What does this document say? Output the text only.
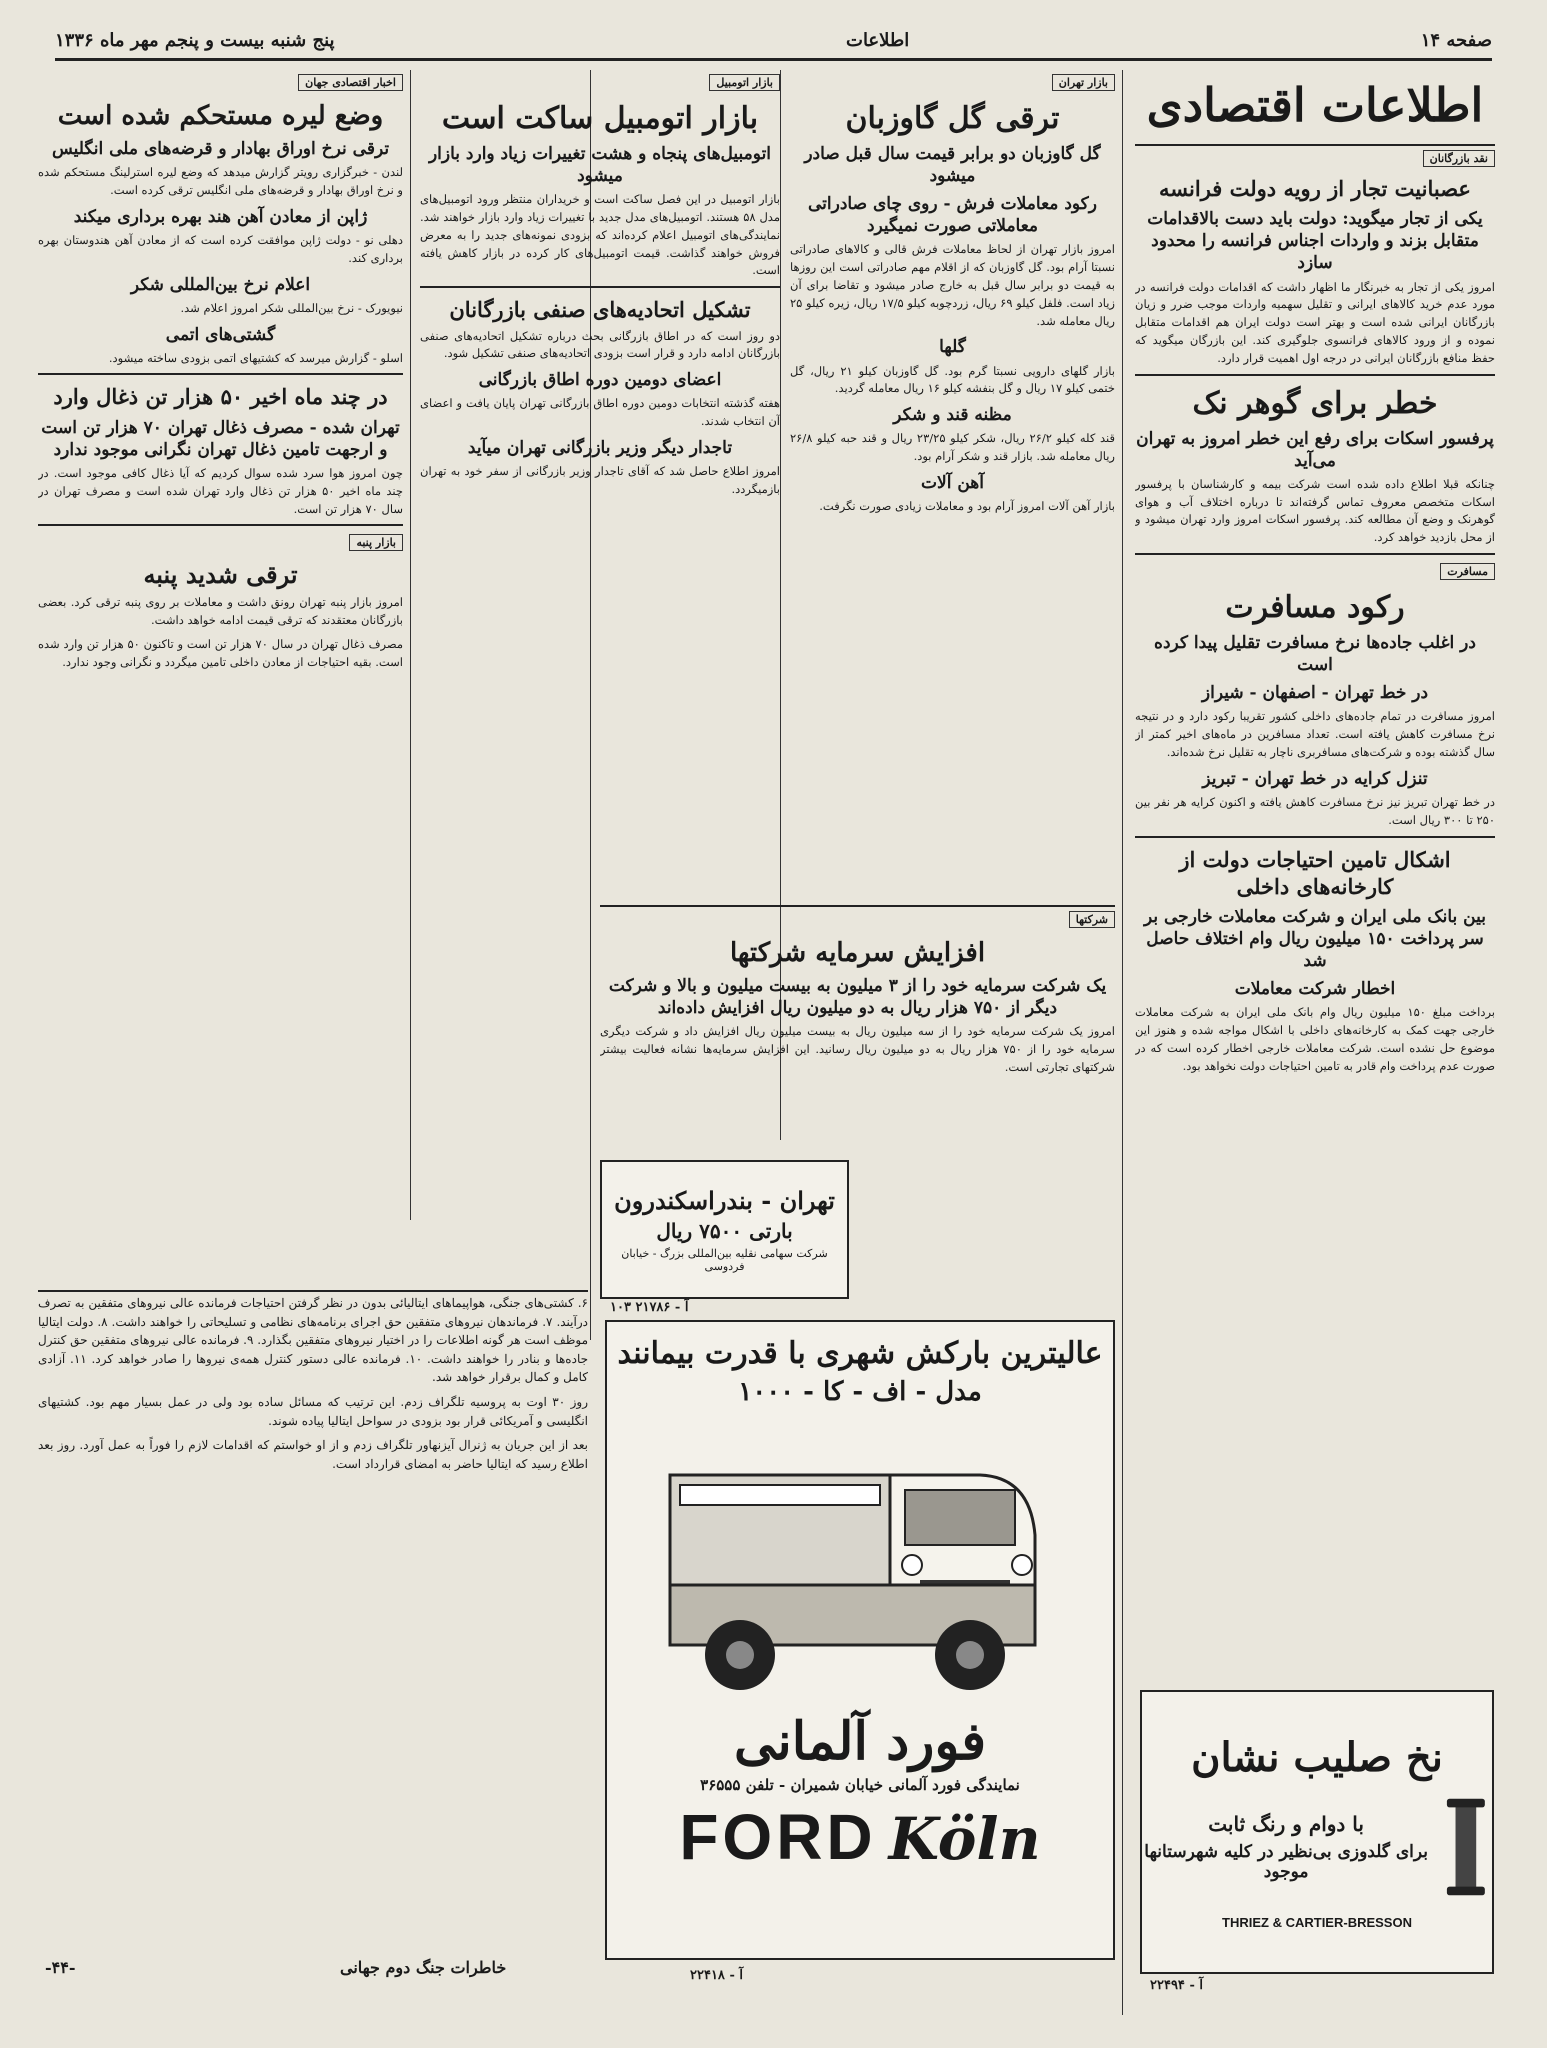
صفحه ۱۴
اطلاعات
پنج شنبه بیست و پنجم مهر ماه ۱۳۳۶
اطلاعات اقتصادی
نقد بازرگانان
عصبانیت تجار از رویه دولت فرانسه
یکی از تجار میگوید: دولت باید دست بالاقدامات متقابل بزند و واردات اجناس فرانسه را محدود سازد
امروز یکی از تجار به خبرنگار ما اظهار داشت که اقدامات دولت فرانسه در مورد عدم خرید کالاهای ایرانی و تقلیل سهمیه واردات موجب ضرر و زیان بازرگانان ایرانی شده است و بهتر است دولت ایران هم اقدامات متقابل نموده و از ورود کالاهای فرانسوی جلوگیری کند. این بازرگان میگوید که حفظ منافع بازرگانان ایرانی در درجه اول اهمیت قرار دارد.
خطر برای گوهر نک
پرفسور اسکات برای رفع این خطر امروز به تهران می‌آید
چنانکه قبلا اطلاع داده شده است شرکت بیمه و کارشناسان با پرفسور اسکات متخصص معروف تماس گرفته‌اند تا درباره اختلاف آب و هوای گوهرنک و وضع آن مطالعه کند. پرفسور اسکات امروز وارد تهران میشود و از محل بازدید خواهد کرد.
مسافرت
رکود مسافرت
در اغلب جاده‌ها نرخ مسافرت تقلیل پیدا کرده است
در خط تهران - اصفهان - شیراز
امروز مسافرت در تمام جاده‌های داخلی کشور تقریبا رکود دارد و در نتیجه نرخ مسافرت کاهش یافته است. تعداد مسافرین در ماه‌های اخیر کمتر از سال گذشته بوده و شرکت‌های مسافربری ناچار به تقلیل نرخ شده‌اند.
تنزل کرایه در خط تهران - تبریز
در خط تهران تبریز نیز نرخ مسافرت کاهش یافته و اکنون کرایه هر نفر بین ۲۵۰ تا ۳۰۰ ریال است.
اشکال تامین احتیاجات دولت از کارخانه‌های داخلی
بین بانک ملی ایران و شرکت معاملات خارجی بر سر پرداخت ۱۵۰ میلیون ریال وام اختلاف حاصل شد
اخطار شرکت معاملات
برداخت مبلغ ۱۵۰ میلیون ریال وام بانک ملی ایران به شرکت معاملات خارجی جهت کمک به کارخانه‌های داخلی با اشکال مواجه شده و هنوز این موضوع حل نشده است. شرکت معاملات خارجی اخطار کرده است که در صورت عدم پرداخت وام قادر به تامین احتیاجات دولت نخواهد بود.
نخ صلیب نشان
با دوام و رنگ ثابت
برای گلدوزی بی‌نظیر در کلیه شهرستانها موجود
THRIEZ & CARTIER-BRESSON
آ - ۲۲۴۹۴
بازار تهران
ترقی گل گاوزبان
گل گاوزبان دو برابر قیمت سال قبل صادر میشود
رکود معاملات فرش - روی چای صادراتی معاملاتی صورت نمیگیرد
امروز بازار تهران از لحاظ معاملات فرش قالی و کالاهای صادراتی نسبتا آرام بود. گل گاوزبان که از اقلام مهم صادراتی است این روزها به قیمت دو برابر سال قبل به خارج صادر میشود و تقاضا برای آن زیاد است. فلفل کیلو ۶۹ ریال، زردچوبه کیلو ۱۷/۵ ریال، زیره کیلو ۲۵ ریال معامله شد.
گلها
بازار گلهای دارویی نسبتا گرم بود. گل گاوزبان کیلو ۲۱ ریال، گل ختمی کیلو ۱۷ ریال و گل بنفشه کیلو ۱۶ ریال معامله گردید.
مظنه قند و شکر
قند کله کیلو ۲۶/۲ ریال، شکر کیلو ۲۳/۲۵ ریال و قند حبه کیلو ۲۶/۸ ریال معامله شد. بازار قند و شکر آرام بود.
آهن آلات
بازار آهن آلات امروز آرام بود و معاملات زیادی صورت نگرفت.
شرکتها
افزایش سرمایه شرکتها
یک شرکت سرمایه خود را از ۳ میلیون به بیست میلیون و بالا و شرکت دیگر از ۷۵۰ هزار ریال به دو میلیون ریال افزایش داده‌اند
امروز یک شرکت سرمایه خود را از سه میلیون ریال به بیست میلیون ریال افزایش داد و شرکت دیگری سرمایه خود را از ۷۵۰ هزار ریال به دو میلیون ریال رسانید. این افزایش سرمایه‌ها نشانه فعالیت بیشتر شرکتهای تجارتی است.
بازار اتومبیل
بازار اتومبیل ساکت است
اتومبیل‌های پنجاه و هشت تغییرات زیاد وارد بازار میشود
بازار اتومبیل در این فصل ساکت است و خریداران منتظر ورود اتومبیل‌های مدل ۵۸ هستند. اتومبیل‌های مدل جدید با تغییرات زیاد وارد بازار خواهند شد. نمایندگی‌های اتومبیل اعلام کرده‌اند که بزودی نمونه‌های جدید را به معرض فروش خواهند گذاشت. قیمت اتومبیل‌های کار کرده در بازار کاهش یافته است.
تشکیل اتحادیه‌های صنفی بازرگانان
دو روز است که در اطاق بازرگانی بحث درباره تشکیل اتحادیه‌های صنفی بازرگانان ادامه دارد و قرار است بزودی اتحادیه‌های صنفی تشکیل شود.
اعضای دومین دوره اطاق بازرگانی
هفته گذشته انتخابات دومین دوره اطاق بازرگانی تهران پایان یافت و اعضای آن انتخاب شدند.
تاجدار دیگر وزیر بازرگانی تهران میآید
امروز اطلاع حاصل شد که آقای تاجدار وزیر بازرگانی از سفر خود به تهران بازمیگردد.
تهران - بندراسکندرون
بارتی ۷۵۰۰ ریال
شرکت سهامی نقلیه بین‌المللی بزرگ - خیابان فردوسی
آ - ۲۱۷۸۶ ۱۰۳
اخبار اقتصادی جهان
وضع لیره مستحکم شده است
ترقی نرخ اوراق بهادار و قرضه‌های ملی انگلیس
لندن - خبرگزاری رویتر گزارش میدهد که وضع لیره استرلینگ مستحکم شده و نرخ اوراق بهادار و قرضه‌های ملی انگلیس ترقی کرده است.
ژاپن از معادن آهن هند بهره برداری میکند
دهلی نو - دولت ژاپن موافقت کرده است که از معادن آهن هندوستان بهره برداری کند.
اعلام نرخ بین‌المللی شکر
نیویورک - نرخ بین‌المللی شکر امروز اعلام شد.
گشتی‌های اتمی
اسلو - گزارش میرسد که کشتیهای اتمی بزودی ساخته میشود.
در چند ماه اخیر ۵۰ هزار تن ذغال وارد
تهران شده - مصرف ذغال تهران ۷۰ هزار تن است و ارجهت تامین ذغال تهران نگرانی موجود ندارد
چون امروز هوا سرد شده سوال کردیم که آیا ذغال کافی موجود است. در چند ماه اخیر ۵۰ هزار تن ذغال وارد تهران شده است و مصرف تهران در سال ۷۰ هزار تن است.
بازار پنبه
ترقی شدید پنبه
امروز بازار پنبه تهران رونق داشت و معاملات بر روی پنبه ترقی کرد. بعضی بازرگانان معتقدند که ترقی قیمت ادامه خواهد داشت.
مصرف ذغال تهران در سال ۷۰ هزار تن است و تاکنون ۵۰ هزار تن وارد شده است. بقیه احتیاجات از معادن داخلی تامین میگردد و نگرانی وجود ندارد.
۶. کشتی‌های جنگی، هواپیماهای ایتالیائی بدون در نظر گرفتن احتیاجات فرمانده عالی نیروهای متفقین به تصرف درآیند. ۷. فرماندهان نیروهای متفقین حق اجرای برنامه‌های نظامی و تسلیحاتی را خواهند داشت. ۸. دولت ایتالیا موظف است هر گونه اطلاعات را در اختیار نیروهای متفقین بگذارد. ۹. فرمانده عالی نیروهای متفقین حق کنترل جاده‌ها و بنادر را خواهند داشت. ۱۰. فرمانده عالی دستور کنترل همه‌ی نیروها را صادر خواهد کرد. ۱۱. آزادی کامل و کمال برقرار خواهد شد.
روز ۳۰ اوت به پروسیه تلگراف زدم. این ترتیب که مسائل ساده بود ولی در عمل بسیار مهم بود. کشتیهای انگلیسی و آمریکائی قرار بود بزودی در سواحل ایتالیا پیاده شوند.
بعد از این جریان به ژنرال آیزنهاور تلگراف زدم و از او خواستم که اقدامات لازم را فوراً به عمل آورد. روز بعد اطلاع رسید که ایتالیا حاضر به امضای قرارداد است.
خاطرات جنگ دوم جهانی
-۴۴-
عالیترین بارکش شهری با قدرت بیمانند
مدل - اف - کا - ۱۰۰۰
فورد آلمانی
نمایندگی فورد آلمانی خیابان شمیران - تلفن ۳۶۵۵۵
FORD Köln
آ - ۲۲۴۱۸
